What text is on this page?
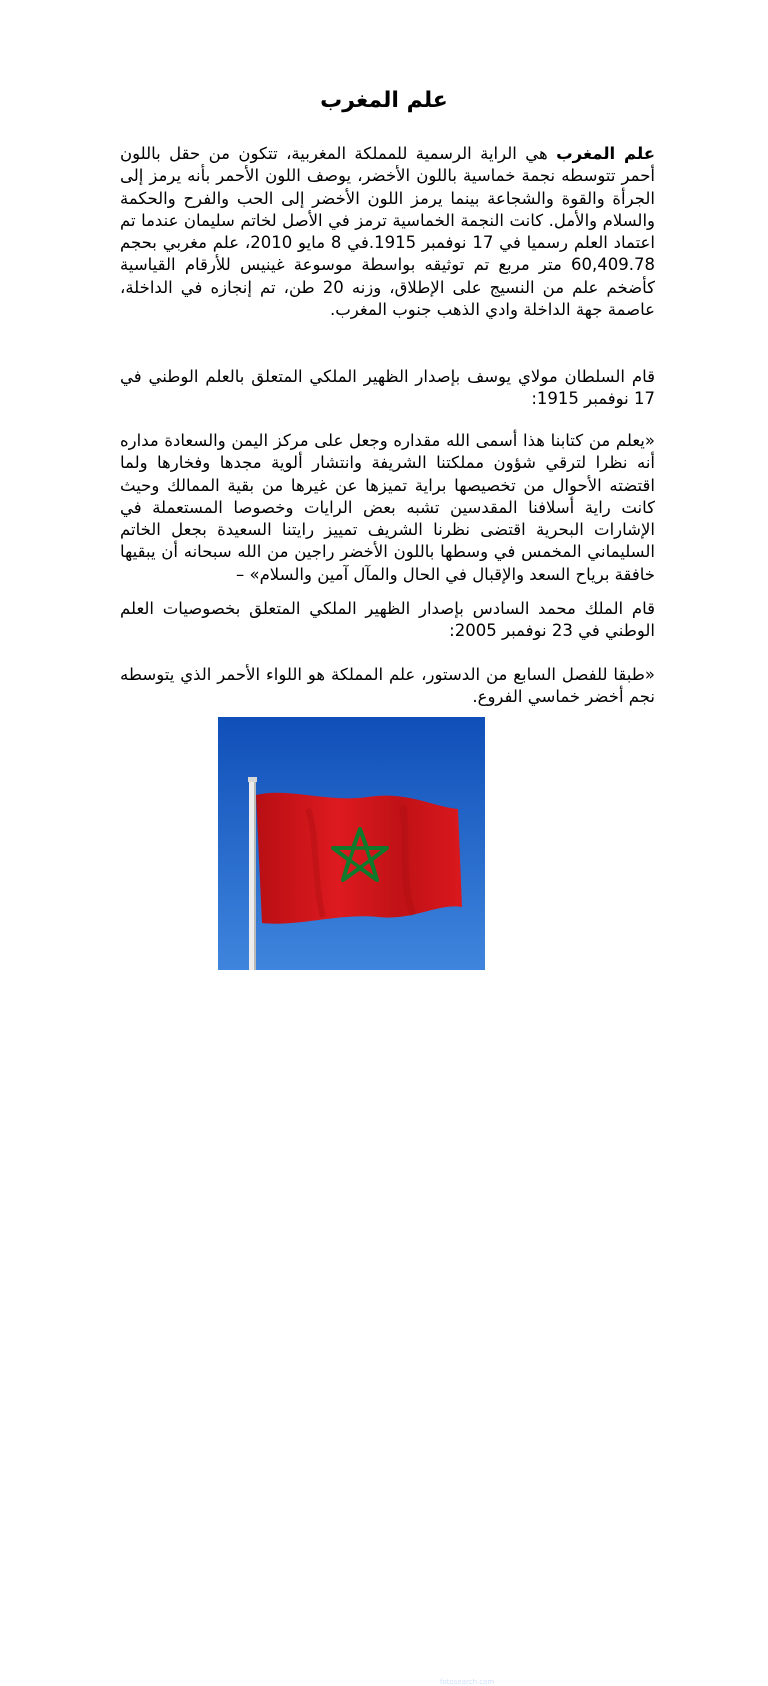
علم المغرب

علم المغرب هي الراية الرسمية للمملكة المغربية، تتكون من حقل باللون أحمر تتوسطه نجمة خماسية باللون الأخضر، يوصف اللون الأحمر بأنه يرمز إلى الجرأة والقوة والشجاعة بينما يرمز اللون الأخضر إلى الحب والفرح والحكمة والسلام والأمل. كانت النجمة الخماسية ترمز في الأصل لخاتم سليمان عندما تم اعتماد العلم رسميا في 17 نوفمبر 1915.في 8 مايو 2010، علم مغربي بحجم 60,409.78 متر مربع تم توثيقه بواسطة موسوعة غينيس للأرقام القياسية كأضخم علم من النسيج على الإطلاق، وزنه 20 طن، تم إنجازه في الداخلة، عاصمة جهة الداخلة وادي الذهب جنوب المغرب.

قام السلطان مولاي يوسف بإصدار الظهير الملكي المتعلق بالعلم الوطني في 17 نوفمبر 1915:

«يعلم من كتابنا هذا أسمى الله مقداره وجعل على مركز اليمن والسعادة مداره أنه نظرا لترقي شؤون مملكتنا الشريفة وانتشار ألوية مجدها وفخارها ولما اقتضته الأحوال من تخصيصها براية تميزها عن غيرها من بقية الممالك وحيث كانت راية أسلافنا المقدسين تشبه بعض الرايات وخصوصا المستعملة في الإشارات البحرية اقتضى نظرنا الشريف تمييز رايتنا السعيدة بجعل الخاتم السليماني المخمس في وسطها باللون الأخضر راجين من الله سبحانه أن يبقيها خافقة برياح السعد والإقبال في الحال والمآل آمين والسلام» –

قام الملك محمد السادس بإصدار الظهير الملكي المتعلق بخصوصيات العلم الوطني في 23 نوفمبر 2005:

«طبقا للفصل السابع من الدستور، علم المملكة هو اللواء الأحمر الذي يتوسطه نجم أخضر خماسي الفروع.

fotosearch.com
